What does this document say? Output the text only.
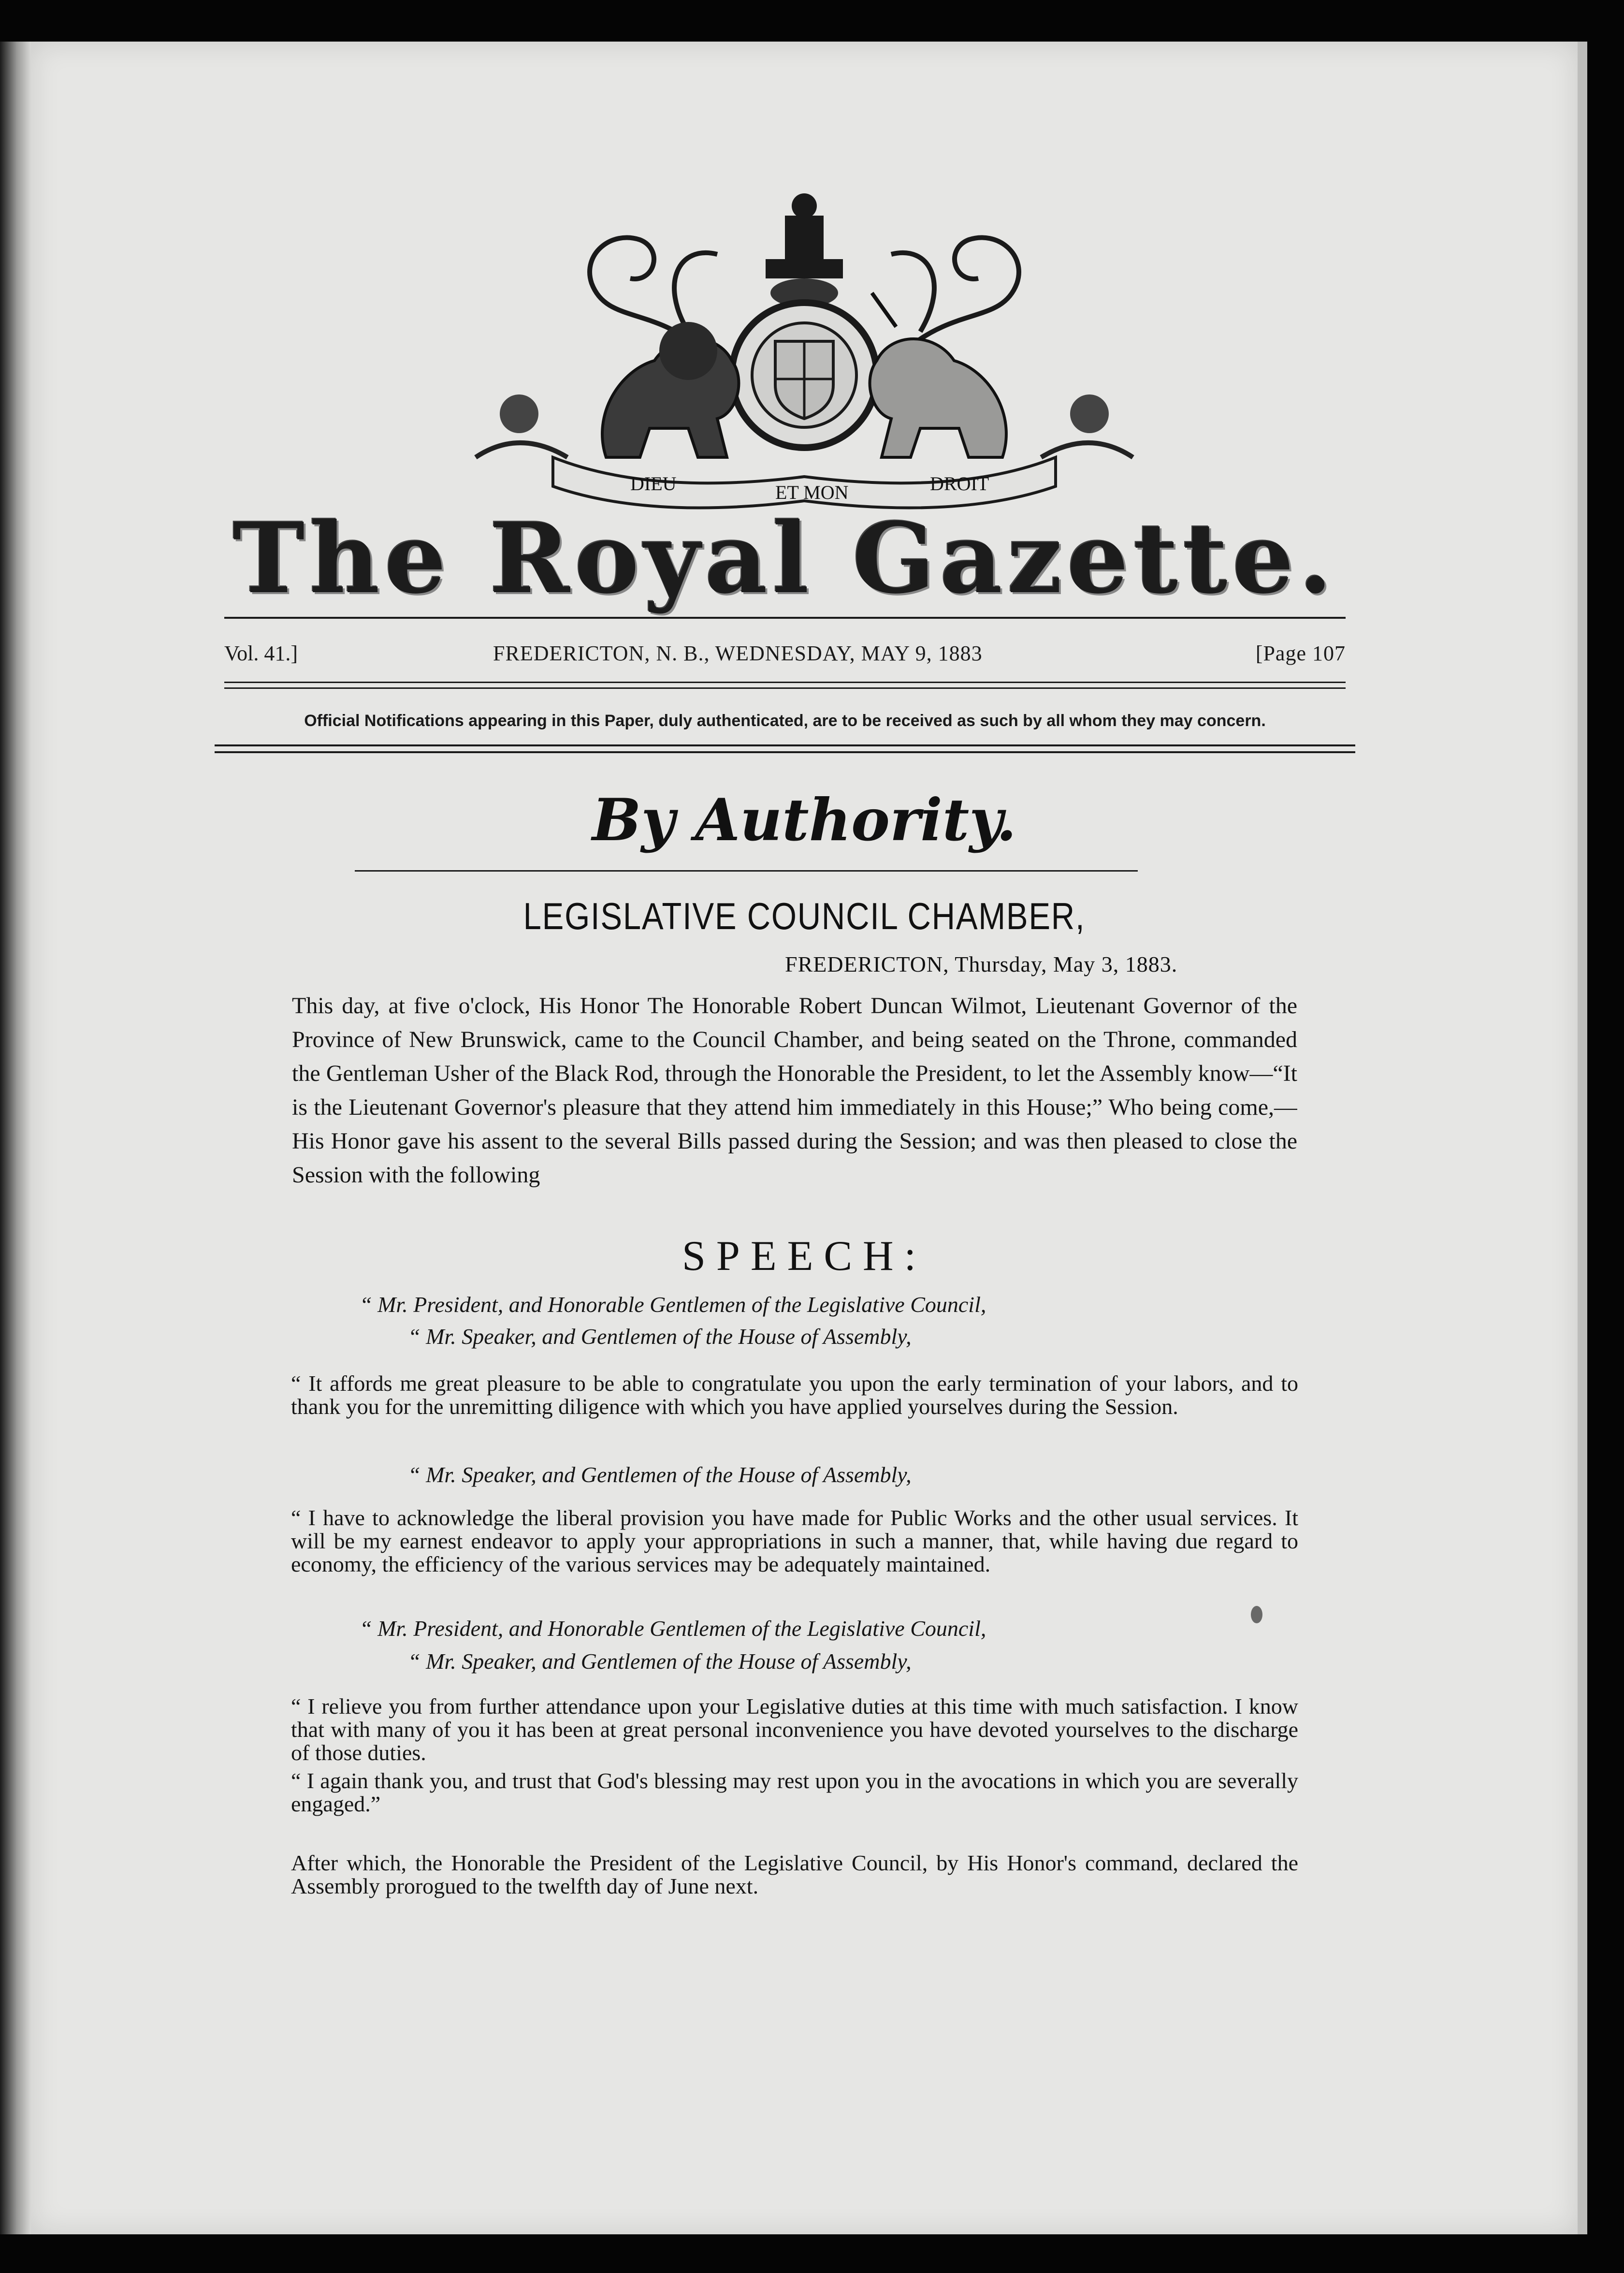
DIEU	ET MON	DROIT
The Royal Gazette.
Vol. 41.]	FREDERICTON, N. B., WEDNESDAY, MAY 9, 1883	[Page 107
Official Notifications appearing in this Paper, duly authenticated, are to be received as such by all whom they may concern.
By Authority.
LEGISLATIVE COUNCIL CHAMBER,
FREDERICTON, Thursday, May 3, 1883.
This day, at five o'clock, His Honor The Honorable Robert Duncan Wilmot, Lieutenant Governor of the Province of New Brunswick, came to the Council Chamber, and being seated on the Throne, commanded the Gentleman Usher of the Black Rod, through the Honorable the President, to let the Assembly know—“It is the Lieutenant Governor's pleasure that they attend him immediately in this House;” Who being come,—His Honor gave his assent to the several Bills passed during the Session; and was then pleased to close the Session with the following
SPEECH:
“ Mr. President, and Honorable Gentlemen of the Legislative Council,
“ Mr. Speaker, and Gentlemen of the House of Assembly,
“ It affords me great pleasure to be able to congratulate you upon the early termination of your labors, and to thank you for the unremitting diligence with which you have applied yourselves during the Session.
“ Mr. Speaker, and Gentlemen of the House of Assembly,
“ I have to acknowledge the liberal provision you have made for Public Works and the other usual services. It will be my earnest endeavor to apply your appropriations in such a manner, that, while having due regard to economy, the efficiency of the various services may be adequately maintained.
“ Mr. President, and Honorable Gentlemen of the Legislative Council,
“ Mr. Speaker, and Gentlemen of the House of Assembly,
“ I relieve you from further attendance upon your Legislative duties at this time with much satisfaction. I know that with many of you it has been at great personal inconvenience you have devoted yourselves to the discharge of those duties.
“ I again thank you, and trust that God's blessing may rest upon you in the avocations in which you are severally engaged.”
After which, the Honorable the President of the Legislative Council, by His Honor's command, declared the Assembly prorogued to the twelfth day of June next.
